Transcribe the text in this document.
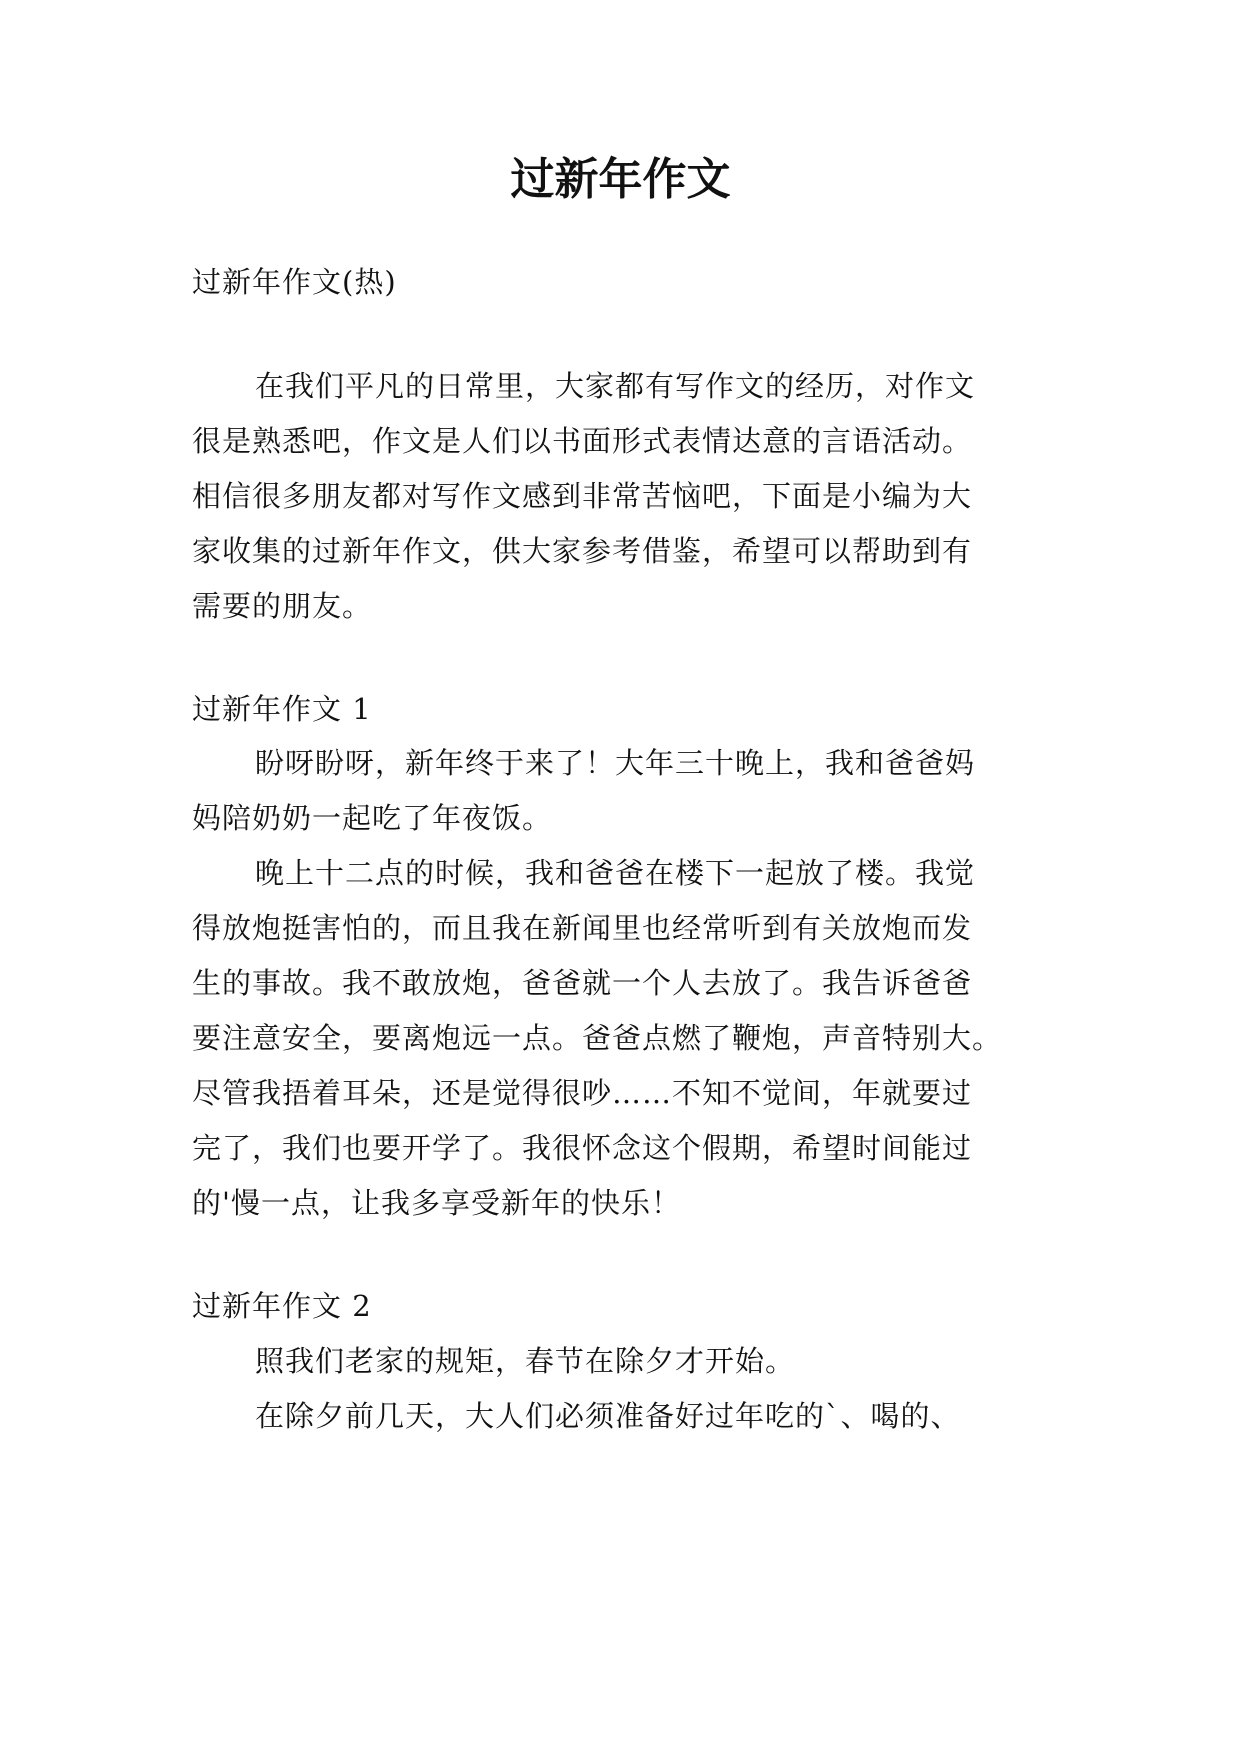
过新年作文

过新年作文(热)

在我们平凡的日常里，大家都有写作文的经历，对作文

很是熟悉吧，作文是人们以书面形式表情达意的言语活动。

相信很多朋友都对写作文感到非常苦恼吧，下面是小编为大

家收集的过新年作文，供大家参考借鉴，希望可以帮助到有

需要的朋友。

过新年作文 1

盼呀盼呀，新年终于来了！大年三十晚上，我和爸爸妈

妈陪奶奶一起吃了年夜饭。

晚上十二点的时候，我和爸爸在楼下一起放了楼。我觉

得放炮挺害怕的，而且我在新闻里也经常听到有关放炮而发

生的事故。我不敢放炮，爸爸就一个人去放了。我告诉爸爸

要注意安全，要离炮远一点。爸爸点燃了鞭炮，声音特别大。

尽管我捂着耳朵，还是觉得很吵……不知不觉间，年就要过

完了，我们也要开学了。我很怀念这个假期，希望时间能过

的'慢一点，让我多享受新年的快乐！

过新年作文 2

照我们老家的规矩，春节在除夕才开始。

在除夕前几天，大人们必须准备好过年吃的`、喝的、
